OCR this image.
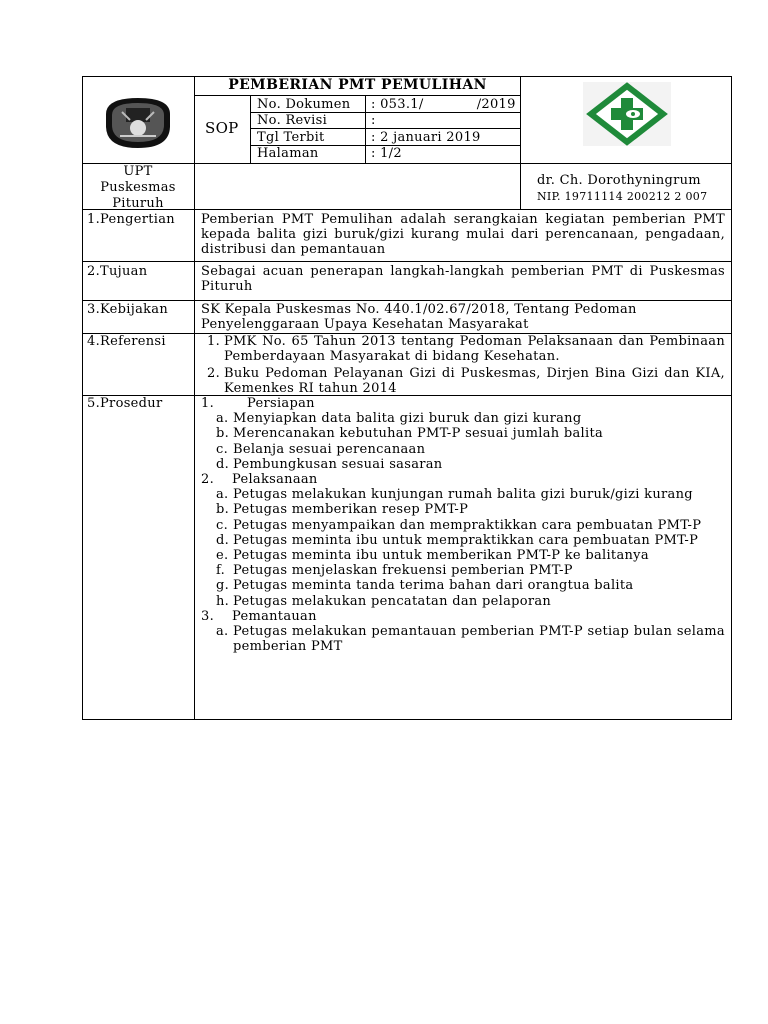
PEMBERIAN PMT PEMULIHAN
SOP
No. Dokumen : 053.1/            /2019
No. Revisi	:
Tgl Terbit	: 2 januari 2019
Halaman	: 1/2
UPT
Puskesmas
Pituruh
dr. Ch. Dorothyningrum
NIP. 19711114 200212 2 007
1.Pengertian Pemberian PMT Pemulihan adalah serangkaian kegiatan pemberian PMT kepada balita gizi buruk/gizi kurang mulai dari perencanaan, pengadaan, distribusi dan pemantauan
2.Tujuan	Sebagai acuan penerapan langkah-langkah pemberian PMT di Puskesmas Pituruh
3.Kebijakan	SK Kepala Puskesmas No. 440.1/02.67/2018, Tentang Pedoman
Penyelenggaraan Upaya Kesehatan Masyarakat
4.Referensi	1. PMK No. 65 Tahun 2013 tentang Pedoman Pelaksanaan dan Pembinaan Pemberdayaan Masyarakat di bidang Kesehatan.
2. Buku Pedoman Pelayanan Gizi di Puskesmas, Dirjen Bina Gizi dan KIA, Kemenkes RI tahun 2014
5.Prosedur	1.	Persiapan
a. Menyiapkan data balita gizi buruk dan gizi kurang
b. Merencanakan kebutuhan PMT-P sesuai jumlah balita
c. Belanja sesuai perencanaan
d. Pembungkusan sesuai sasaran
2. Pelaksanaan
a. Petugas melakukan kunjungan rumah balita gizi buruk/gizi kurang
b. Petugas memberikan resep PMT-P
c. Petugas menyampaikan dan mempraktikkan cara pembuatan PMT-P
d. Petugas meminta ibu untuk mempraktikkan cara pembuatan PMT-P
e. Petugas meminta ibu untuk memberikan PMT-P ke balitanya
f. Petugas menjelaskan frekuensi pemberian PMT-P
g. Petugas meminta tanda terima bahan dari orangtua balita
h. Petugas melakukan pencatatan dan pelaporan
3. Pemantauan
a. Petugas melakukan pemantauan pemberian PMT-P setiap bulan selama pemberian PMT
